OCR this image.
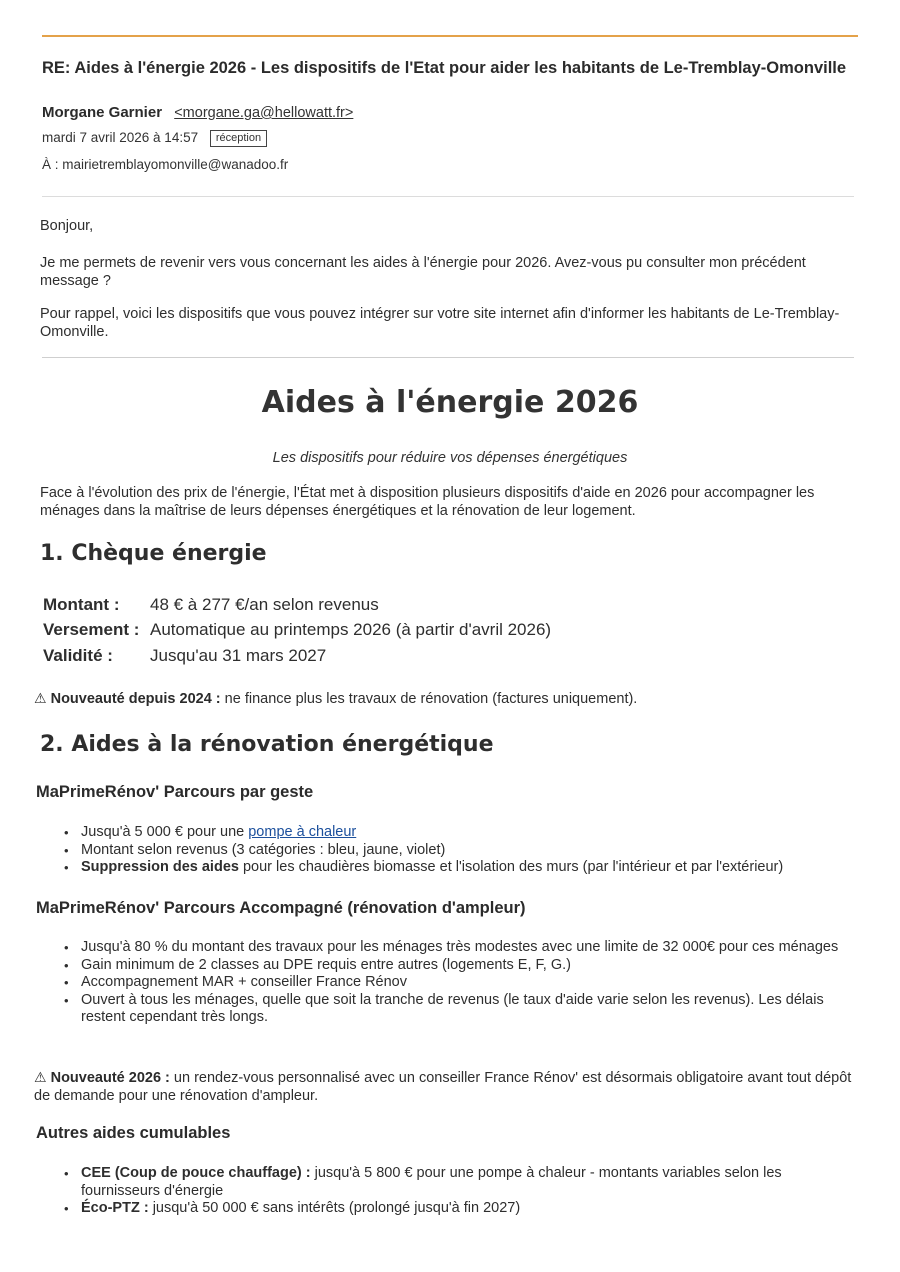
RE: Aides à l'énergie 2026 - Les dispositifs de l'Etat pour aider les habitants de Le-Tremblay-Omonville
Morgane Garnier <morgane.ga@hellowatt.fr>
mardi 7 avril 2026 à 14:57 réception
À : mairietremblayomonville@wanadoo.fr
Bonjour,
Je me permets de revenir vers vous concernant les aides à l'énergie pour 2026. Avez-vous pu consulter mon précédent message ?
Pour rappel, voici les dispositifs que vous pouvez intégrer sur votre site internet afin d'informer les habitants de Le-Tremblay-Omonville.
Aides à l'énergie 2026
Les dispositifs pour réduire vos dépenses énergétiques
Face à l'évolution des prix de l'énergie, l'État met à disposition plusieurs dispositifs d'aide en 2026 pour accompagner les ménages dans la maîtrise de leurs dépenses énergétiques et la rénovation de leur logement.
1. Chèque énergie
Montant : 48 € à 277 €/an selon revenus
Versement : Automatique au printemps 2026 (à partir d'avril 2026)
Validité : Jusqu'au 31 mars 2027
⚠ Nouveauté depuis 2024 : ne finance plus les travaux de rénovation (factures uniquement).
2. Aides à la rénovation énergétique
MaPrimeRénov' Parcours par geste
• Jusqu'à 5 000 € pour une pompe à chaleur
• Montant selon revenus (3 catégories : bleu, jaune, violet)
• Suppression des aides pour les chaudières biomasse et l'isolation des murs (par l'intérieur et par l'extérieur)
MaPrimeRénov' Parcours Accompagné (rénovation d'ampleur)
• Jusqu'à 80 % du montant des travaux pour les ménages très modestes avec une limite de 32 000€ pour ces ménages
• Gain minimum de 2 classes au DPE requis entre autres (logements E, F, G.)
• Accompagnement MAR + conseiller France Rénov
• Ouvert à tous les ménages, quelle que soit la tranche de revenus (le taux d'aide varie selon les revenus). Les délais restent cependant très longs.
⚠ Nouveauté 2026 : un rendez-vous personnalisé avec un conseiller France Rénov' est désormais obligatoire avant tout dépôt de demande pour une rénovation d'ampleur.
Autres aides cumulables
• CEE (Coup de pouce chauffage) : jusqu'à 5 800 € pour une pompe à chaleur - montants variables selon les fournisseurs d'énergie
• Éco-PTZ : jusqu'à 50 000 € sans intérêts (prolongé jusqu'à fin 2027)
